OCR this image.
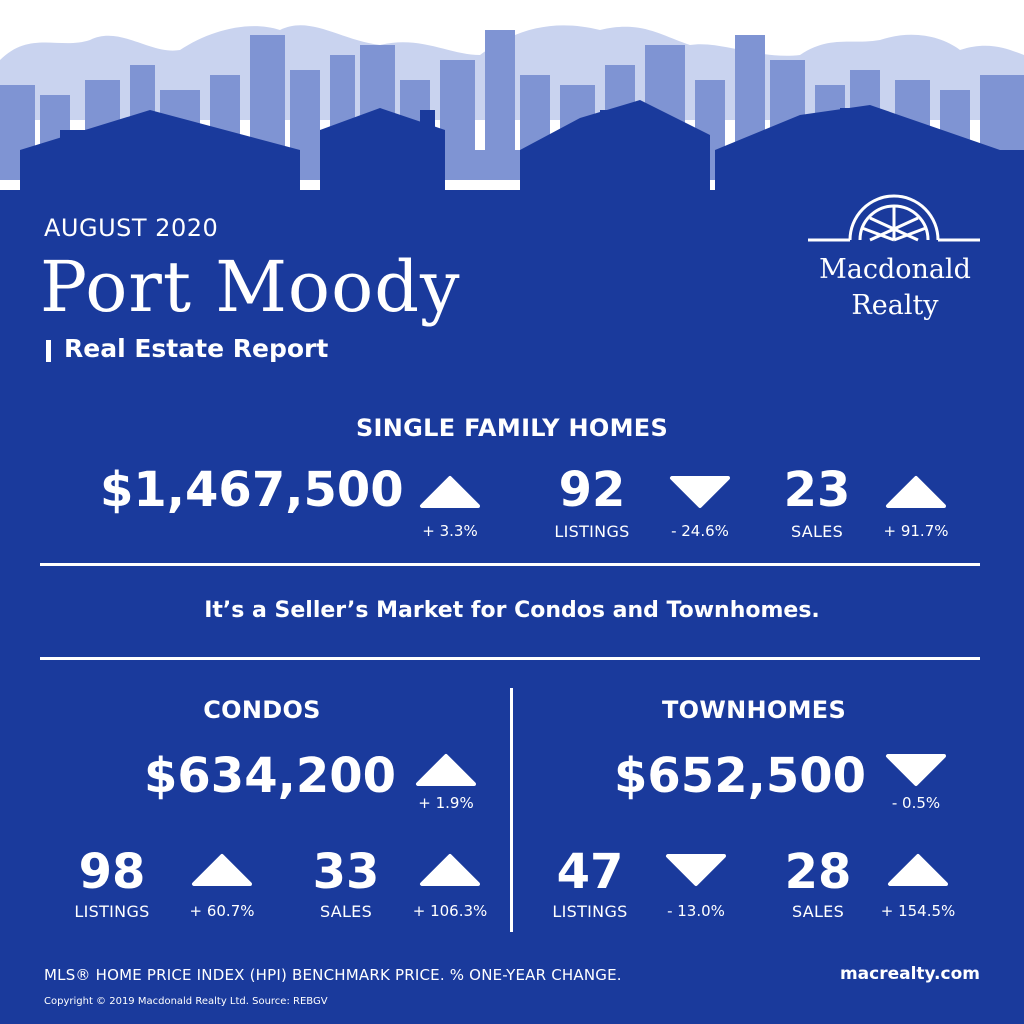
AUGUST 2020
Port Moody
Real Estate Report
Macdonald
Realty
SINGLE FAMILY HOMES
$1,467,500
+ 3.3%
92
LISTINGS	- 24.6%
23
SALES	+ 91.7%
It’s a Seller’s Market for Condos and Townhomes.
CONDOS
$634,200	+ 1.9%
98
LISTINGS	+ 60.7%
33
SALES	+ 106.3%
TOWNHOMES
$652,500	- 0.5%
47
LISTINGS	- 13.0%
28
SALES	+ 154.5%
MLS® HOME PRICE INDEX (HPI) BENCHMARK PRICE. % ONE-YEAR CHANGE.	macrealty.com
Copyright © 2019 Macdonald Realty Ltd. Source: REBGV
